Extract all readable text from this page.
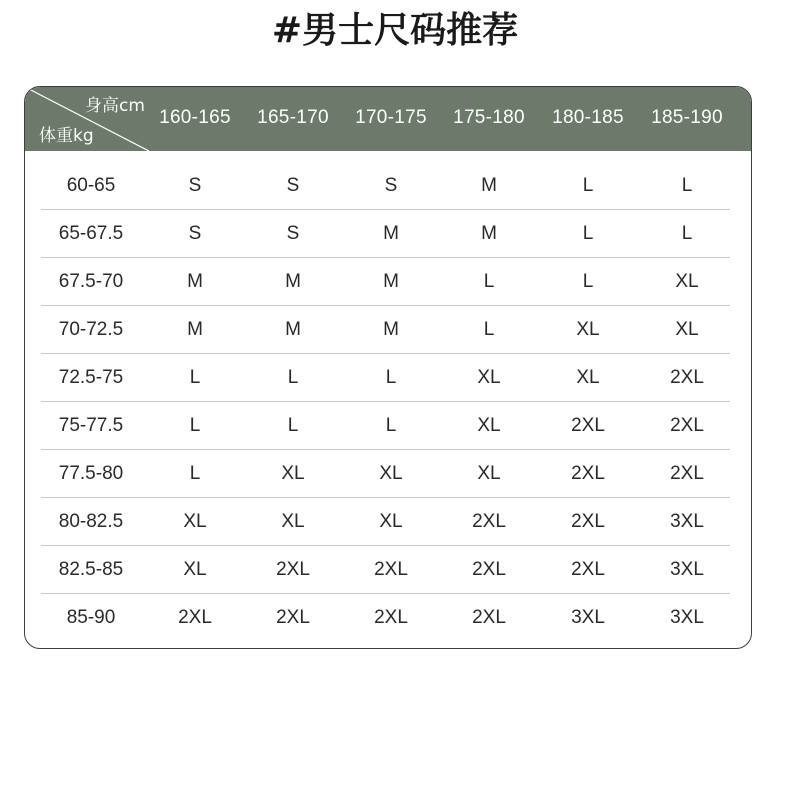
#男士尺码推荐
身高cm
体重kg
160-165	165-170	170-175	175-180	180-185	185-190
60-65	S	S	S	M	L	L
65-67.5	S	S	M	M	L	L
67.5-70	M	M	M	L	L	XL
70-72.5	M	M	M	L	XL	XL
72.5-75	L	L	L	XL	XL	2XL
75-77.5	L	L	L	XL	2XL	2XL
77.5-80	L	XL	XL	XL	2XL	2XL
80-82.5	XL	XL	XL	2XL	2XL	3XL
82.5-85	XL	2XL	2XL	2XL	2XL	3XL
85-90	2XL	2XL	2XL	2XL	3XL	3XL
